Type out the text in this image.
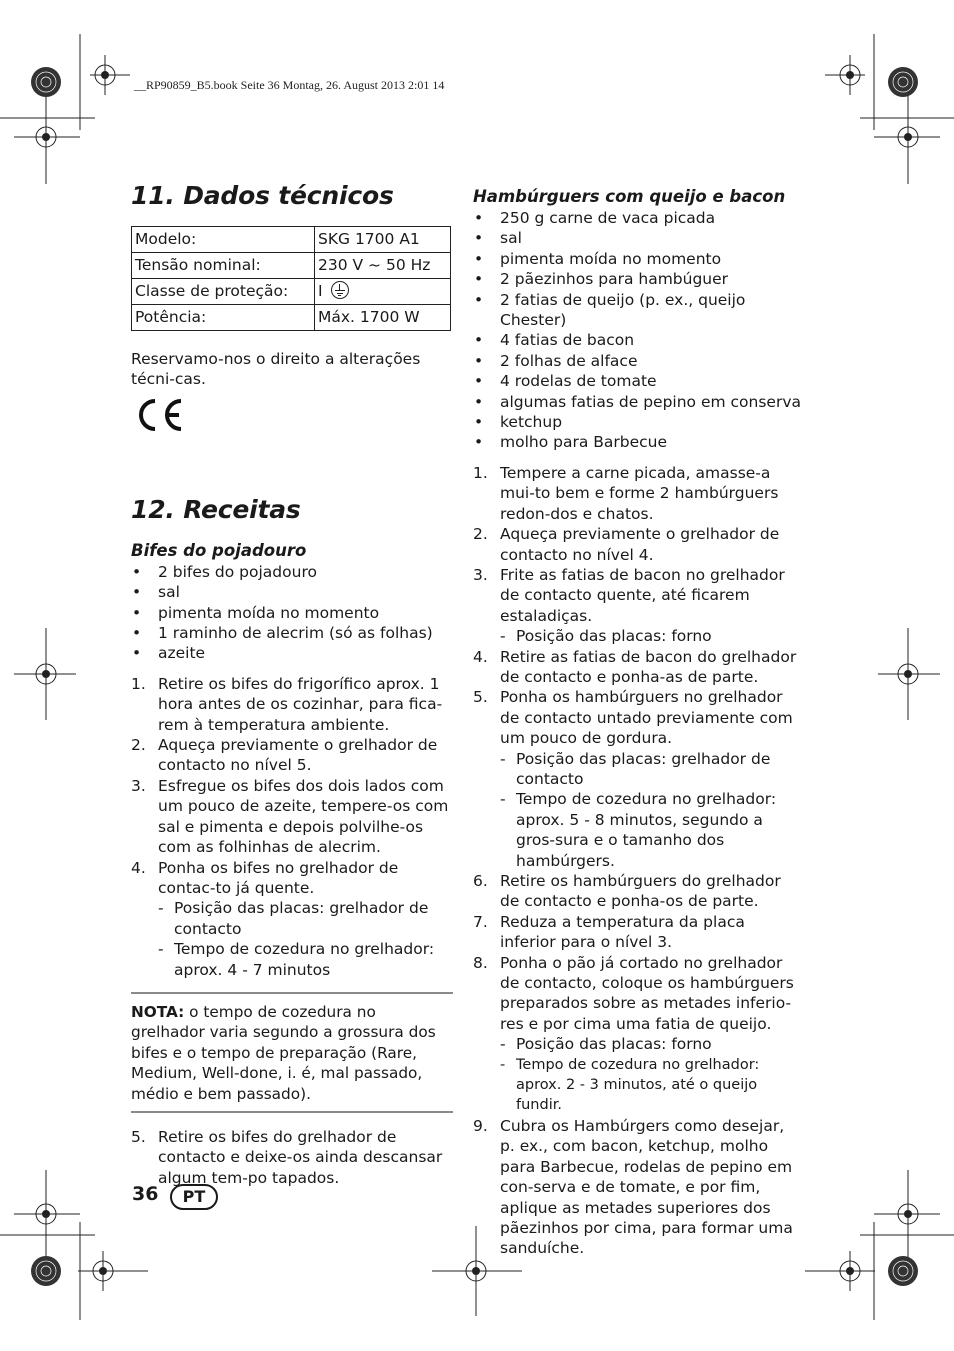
__RP90859_B5.book Seite 36 Montag, 26. August 2013 2:01 14
11. Dados técnicos
Modelo:	SKG 1700 A1
Tensão nominal:	230 V ~ 50 Hz
Classe de proteção:	I

Potência:	Máx. 1700 W

Reservamo-nos o direito a alterações técni-cas.

12. Receitas
Bifes do pojadouro
• 2 bifes do pojadouro
• sal
• pimenta moída no momento
• 1 raminho de alecrim (só as folhas)
• azeite
1. Retire os bifes do frigorífico aprox. 1 hora antes de os cozinhar, para fica-rem à temperatura ambiente.
2. Aqueça previamente o grelhador de contacto no nível 5.
3. Esfregue os bifes dos dois lados com um pouco de azeite, tempere-os com sal e pimenta e depois polvilhe-os com as folhinhas de alecrim.
4. Ponha os bifes no grelhador de contac-to já quente.
- Posição das placas: grelhador de contacto
- Tempo de cozedura no grelhador: aprox. 4 - 7 minutos
NOTA: o tempo de cozedura no grelhador varia segundo a grossura dos bifes e o tempo de preparação (Rare, Medium, Well-done, i. é, mal passado, médio e bem passado).
5. Retire os bifes do grelhador de contacto e deixe-os ainda descansar algum tem-po tapados.
CE
Hambúrguers com queijo e bacon
• 250 g carne de vaca picada
• sal
• pimenta moída no momento
• 2 pãezinhos para hambúguer
• 2 fatias de queijo (p. ex., queijo Chester)
• 4 fatias de bacon
• 2 folhas de alface
• 4 rodelas de tomate
• algumas fatias de pepino em conserva
• ketchup
• molho para Barbecue
1. Tempere a carne picada, amasse-a mui-to bem e forme 2 hambúrguers redon-dos e chatos.
2. Aqueça previamente o grelhador de contacto no nível 4.
3. Frite as fatias de bacon no grelhador de contacto quente, até ficarem estaladiças.
- Posição das placas: forno
4. Retire as fatias de bacon do grelhador de contacto e ponha-as de parte.
5. Ponha os hambúrguers no grelhador de contacto untado previamente com um pouco de gordura.
- Posição das placas: grelhador de contacto
- Tempo de cozedura no grelhador: aprox. 5 - 8 minutos, segundo a gros-sura e o tamanho dos hambúrgers.
6. Retire os hambúrguers do grelhador de contacto e ponha-os de parte.
7. Reduza a temperatura da placa inferior para o nível 3.
8. Ponha o pão já cortado no grelhador de contacto, coloque os hambúrguers preparados sobre as metades inferio-res e por cima uma fatia de queijo.
- Posição das placas: forno
- Tempo de cozedura no grelhador: aprox. 2 - 3 minutos, até o queijo fundir.
9. Cubra os Hambúrgers como desejar, p. ex., com bacon, ketchup, molho para Barbecue, rodelas de pepino em con-serva e de tomate, e por fim, aplique as metades superiores dos pãezinhos por cima, para formar uma sanduíche.
36	PT
